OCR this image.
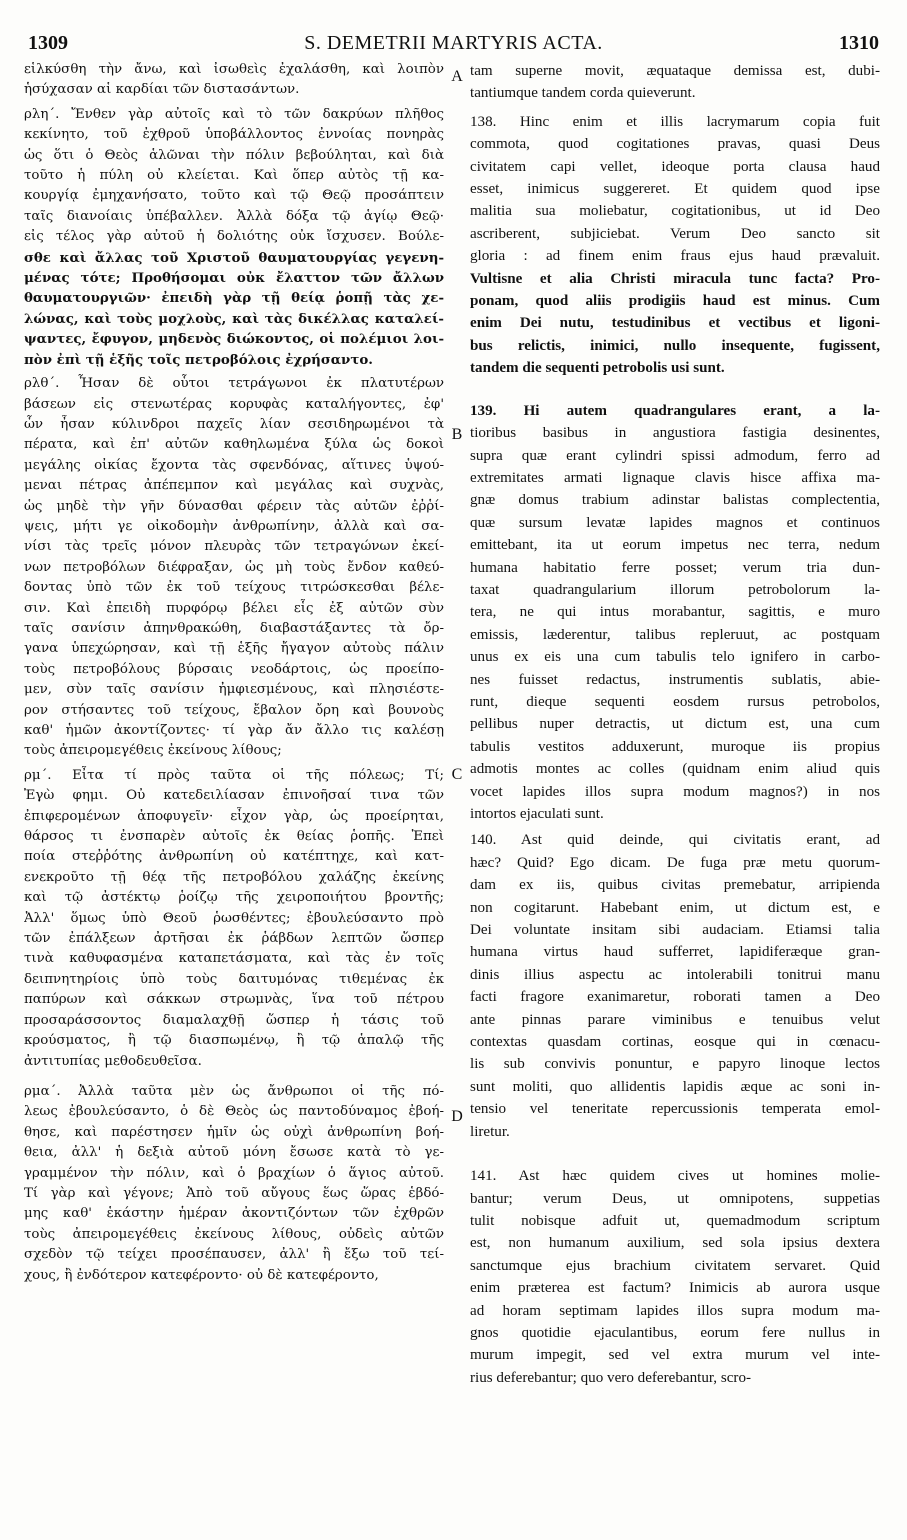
1309	S. DEMETRII MARTYRIS ACTA.	1310
εἱλκύσθη τὴν ἄνω, καὶ ἰσωθεὶς ἐχαλάσθη, καὶ λοιπὸν
ἡσύχασαν αἱ καρδίαι τῶν διστασάντων.
ρλη΄. Ἔνθεν γὰρ αὐτοῖς καὶ τὸ τῶν δακρύων πλῆθος
κεκίνητο, τοῦ ἐχθροῦ ὑποβάλλοντος ἐννοίας πονηρὰς
ὡς ὅτι ὁ Θεὸς ἁλῶναι τὴν πόλιν βεβούληται, καὶ διὰ
τοῦτο ἡ πύλη οὐ κλείεται. Καὶ ὅπερ αὐτὸς τῇ κα-
κουργίᾳ ἐμηχανήσατο, τοῦτο καὶ τῷ Θεῷ προσάπτειν
ταῖς διανοίαις ὑπέβαλλεν. Ἀλλὰ δόξα τῷ ἁγίῳ Θεῷ·
εἰς τέλος γὰρ αὐτοῦ ἡ δολιότης οὐκ ἴσχυσεν. Βούλε-
σθε καὶ ἄλλας τοῦ Χριστοῦ θαυματουργίας γεγενη-
μένας τότε; Προθήσομαι οὐκ ἔλαττον τῶν ἄλλων
θαυματουργιῶν· ἐπειδὴ γὰρ τῇ θείᾳ ῥοπῇ τὰς χε-
λώνας, καὶ τοὺς μοχλοὺς, καὶ τὰς δικέλλας καταλεί-
ψαντες, ἔφυγον, μηδενὸς διώκοντος, οἱ πολέμιοι λοι-
πὸν ἐπὶ τῇ ἑξῆς τοῖς πετροβόλοις ἐχρήσαντο.
ρλθ΄. Ἦσαν δὲ οὗτοι τετράγωνοι ἐκ πλατυτέρων
βάσεων εἰς στενωτέρας κορυφὰς καταλήγοντες, ἐφ'
ὧν ἦσαν κύλινδροι παχεῖς λίαν σεσιδηρωμένοι τὰ
πέρατα, καὶ ἐπ' αὐτῶν καθηλωμένα ξύλα ὡς δοκοὶ
μεγάλης οἰκίας ἔχοντα τὰς σφενδόνας, αἵτινες ὑψού-
μεναι πέτρας ἀπέπεμπον καὶ μεγάλας καὶ συχνὰς,
ὡς μηδὲ τὴν γῆν δύνασθαι φέρειν τὰς αὐτῶν ἐῤῥί-
ψεις, μήτι γε οἰκοδομὴν ἀνθρωπίνην, ἀλλὰ καὶ σα-
νίσι τὰς τρεῖς μόνον πλευρὰς τῶν τετραγώνων ἐκεί-
νων πετροβόλων διέφραξαν, ὡς μὴ τοὺς ἔνδον καθεύ-
δοντας ὑπὸ τῶν ἐκ τοῦ τείχους τιτρώσκεσθαι βέλε-
σιν. Καὶ ἐπειδὴ πυρφόρῳ βέλει εἷς ἐξ αὐτῶν σὺν
ταῖς σανίσιν ἀπηνθρακώθη, διαβαστάξαντες τὰ ὄρ-
γανα ὑπεχώρησαν, καὶ τῇ ἑξῆς ἤγαγον αὐτοὺς πάλιν
τοὺς πετροβόλους βύρσαις νεοδάρτοις, ὡς προείπο-
μεν, σὺν ταῖς σανίσιν ἠμφιεσμένους, καὶ πλησιέστε-
ρον στήσαντες τοῦ τείχους, ἔβαλον ὄρη καὶ βουνοὺς
καθ' ἡμῶν ἀκοντίζοντες· τί γὰρ ἄν ἄλλο τις καλέσῃ
τοὺς ἀπειρομεγέθεις ἐκείνους λίθους;
ρμ΄. Εἶτα τί πρὸς ταῦτα οἱ τῆς πόλεως; Τί;
Ἐγὼ φημι. Οὐ κατεδειλίασαν ἐπινοῆσαί τινα τῶν
ἐπιφερομένων ἀποφυγεῖν· εἶχον γὰρ, ὡς προείρηται,
θάρσος τι ἐνσπαρὲν αὐτοῖς ἐκ θείας ῥοπῆς. Ἐπεὶ
ποία στεῤῥότης ἀνθρωπίνη οὐ κατέπτηχε, καὶ κατ-
ενεκροῦτο τῇ θέᾳ τῆς πετροβόλου χαλάζης ἐκείνης
καὶ τῷ ἀστέκτῳ ῥοίζῳ τῆς χειροποιήτου βροντῆς;
Ἀλλ' ὅμως ὑπὸ Θεοῦ ῥωσθέντες; ἐβουλεύσαντο πρὸ
τῶν ἐπάλξεων ἀρτῆσαι ἐκ ῥάβδων λεπτῶν ὥσπερ
τινὰ καθυφασμένα καταπετάσματα, καὶ τὰς ἐν τοῖς
δειπνητηρίοις ὑπὸ τοὺς δαιτυμόνας τιθεμένας ἐκ
παπύρων καὶ σάκκων στρωμνὰς, ἵνα τοῦ πέτρου
προσαράσσοντος διαμαλαχθῇ ὥσπερ ἡ τάσις τοῦ
κρούσματος, ἢ τῷ διασπωμένῳ, ἢ τῷ ἁπαλῷ τῆς
ἀντιτυπίας μεθοδευθεῖσα.
ρμα΄. Ἀλλὰ ταῦτα μὲν ὡς ἄνθρωποι οἱ τῆς πό-
λεως ἐβουλεύσαντο, ὁ δὲ Θεὸς ὡς παντοδύναμος ἐβοή-
θησε, καὶ παρέστησεν ἡμῖν ὡς οὐχὶ ἀνθρωπίνη βοή-
θεια, ἀλλ' ἡ δεξιὰ αὐτοῦ μόνη ἔσωσε κατὰ τὸ γε-
γραμμένον τὴν πόλιν, καὶ ὁ βραχίων ὁ ἅγιος αὐτοῦ.
Τί γὰρ καὶ γέγονε; Ἀπὸ τοῦ αὔγους ἕως ὥρας ἑβδό-
μης καθ' ἑκάστην ἡμέραν ἀκοντιζόντων τῶν ἐχθρῶν
τοὺς ἀπειρομεγέθεις ἐκείνους λίθους, οὐδεὶς αὐτῶν
σχεδὸν τῷ τείχει προσέπαυσεν, ἀλλ' ἢ ἔξω τοῦ τεί-
χους, ἢ ἐνδότερον κατεφέροντο· οὐ δὲ κατεφέροντο,
tam superne movit, æquataque demissa est, dubi-
tantiumque tandem corda quieverunt.
138. Hinc enim et illis lacrymarum copia fuit
commota, quod cogitationes pravas, quasi Deus
civitatem capi vellet, ideoque porta clausa haud
esset, inimicus suggereret. Et quidem quod ipse
malitia sua moliebatur, cogitationibus, ut id Deo
ascriberent, subjiciebat. Verum Deo sancto sit
gloria : ad finem enim fraus ejus haud prævaluit.
Vultisne et alia Christi miracula tunc facta? Pro-
ponam, quod aliis prodigiis haud est minus. Cum
enim Dei nutu, testudinibus et vectibus et ligoni-
bus relictis, inimici, nullo insequente, fugissent,
tandem die sequenti petrobolis usi sunt.
139. Hi autem quadrangulares erant, a la-
tioribus basibus in angustiora fastigia desinentes,
supra quæ erant cylindri spissi admodum, ferro ad
extremitates armati lignaque clavis hisce affixa ma-
gnæ domus trabium adinstar balistas complectentia,
quæ sursum levatæ lapides magnos et continuos
emittebant, ita ut eorum impetus nec terra, nedum
humana habitatio ferre posset; verum tria dun-
taxat quadrangularium illorum petrobolorum la-
tera, ne qui intus morabantur, sagittis, e muro
emissis, læderentur, talibus repleruut, ac postquam
unus ex eis una cum tabulis telo ignifero in carbo-
nes fuisset redactus, instrumentis sublatis, abie-
runt, dieque sequenti eosdem rursus petrobolos,
pellibus nuper detractis, ut dictum est, una cum
tabulis vestitos adduxerunt, muroque iis propius
admotis montes ac colles (quidnam enim aliud quis
vocet lapides illos supra modum magnos?) in nos
intortos ejaculati sunt.
140. Ast quid deinde, qui civitatis erant, ad
hæc? Quid? Ego dicam. De fuga præ metu quorum-
dam ex iis, quibus civitas premebatur, arripienda
non cogitarunt. Habebant enim, ut dictum est, e
Dei voluntate insitam sibi audaciam. Etiamsi talia
humana virtus haud sufferret, lapidiferæque gran-
dinis illius aspectu ac intolerabili tonitrui manu
facti fragore exanimaretur, roborati tamen a Deo
ante pinnas parare viminibus e tenuibus velut
contextas quasdam cortinas, eosque qui in cœnacu-
lis sub convivis ponuntur, e papyro linoque lectos
sunt moliti, quo allidentis lapidis æque ac soni in-
tensio vel teneritate repercussionis temperata emol-
liretur.
141. Ast hæc quidem cives ut homines molie-
bantur; verum Deus, ut omnipotens, suppetias
tulit nobisque adfuit ut, quemadmodum scriptum
est, non humanum auxilium, sed sola ipsius dextera
sanctumque ejus brachium civitatem servaret. Quid
enim præterea est factum? Inimicis ab aurora usque
ad horam septimam lapides illos supra modum ma-
gnos quotidie ejaculantibus, eorum fere nullus in
murum impegit, sed vel extra murum vel inte-
rius deferebantur; quo vero deferebantur, scro-
A
B
C
D
